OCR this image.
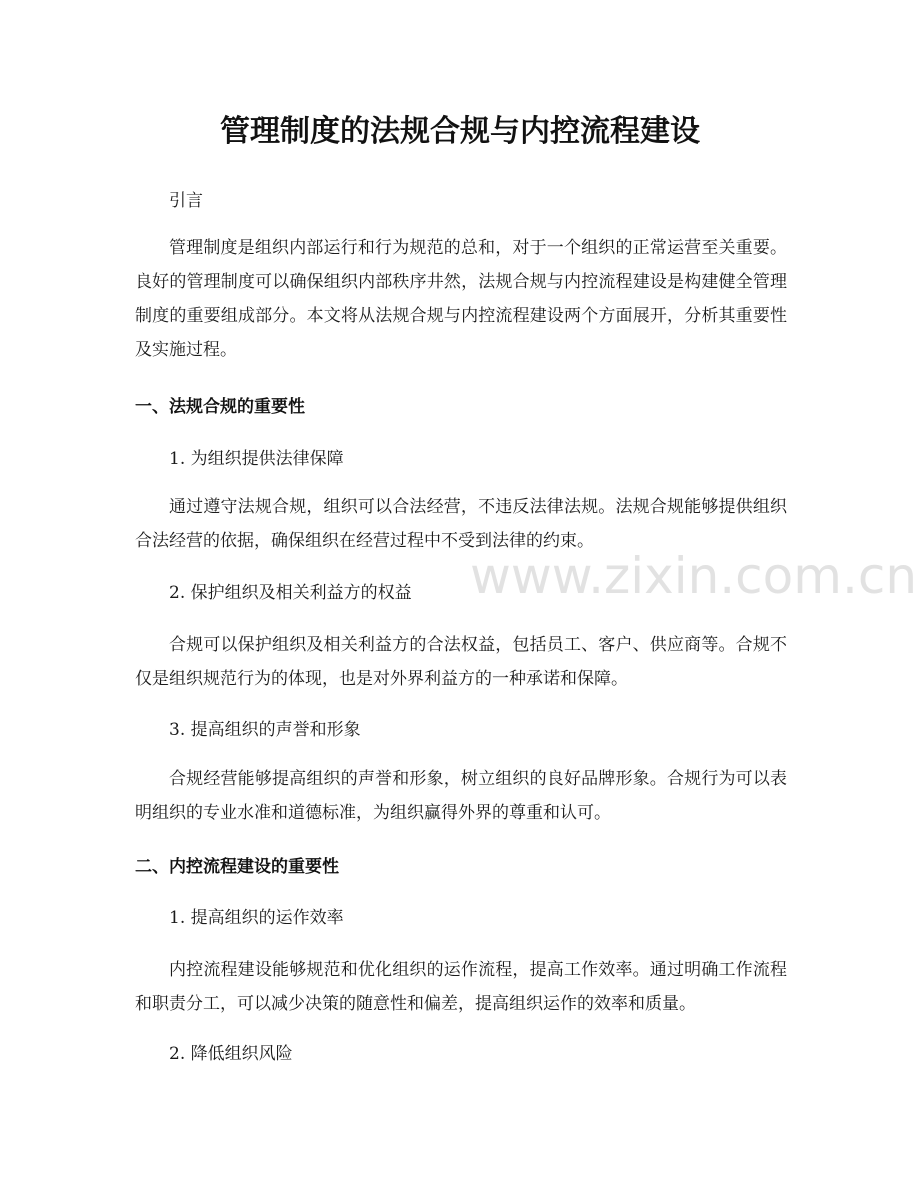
管理制度的法规合规与内控流程建设

引言

管理制度是组织内部运行和行为规范的总和，对于一个组织的正常运营至关重要。良好的管理制度可以确保组织内部秩序井然，法规合规与内控流程建设是构建健全管理制度的重要组成部分。本文将从法规合规与内控流程建设两个方面展开，分析其重要性及实施过程。

一、法规合规的重要性

1. 为组织提供法律保障

通过遵守法规合规，组织可以合法经营，不违反法律法规。法规合规能够提供组织合法经营的依据，确保组织在经营过程中不受到法律的约束。

2. 保护组织及相关利益方的权益

合规可以保护组织及相关利益方的合法权益，包括员工、客户、供应商等。合规不仅是组织规范行为的体现，也是对外界利益方的一种承诺和保障。

3. 提高组织的声誉和形象

合规经营能够提高组织的声誉和形象，树立组织的良好品牌形象。合规行为可以表明组织的专业水准和道德标准，为组织赢得外界的尊重和认可。

二、内控流程建设的重要性

1. 提高组织的运作效率

内控流程建设能够规范和优化组织的运作流程，提高工作效率。通过明确工作流程和职责分工，可以减少决策的随意性和偏差，提高组织运作的效率和质量。

2. 降低组织风险

www.zixin.com.cn
